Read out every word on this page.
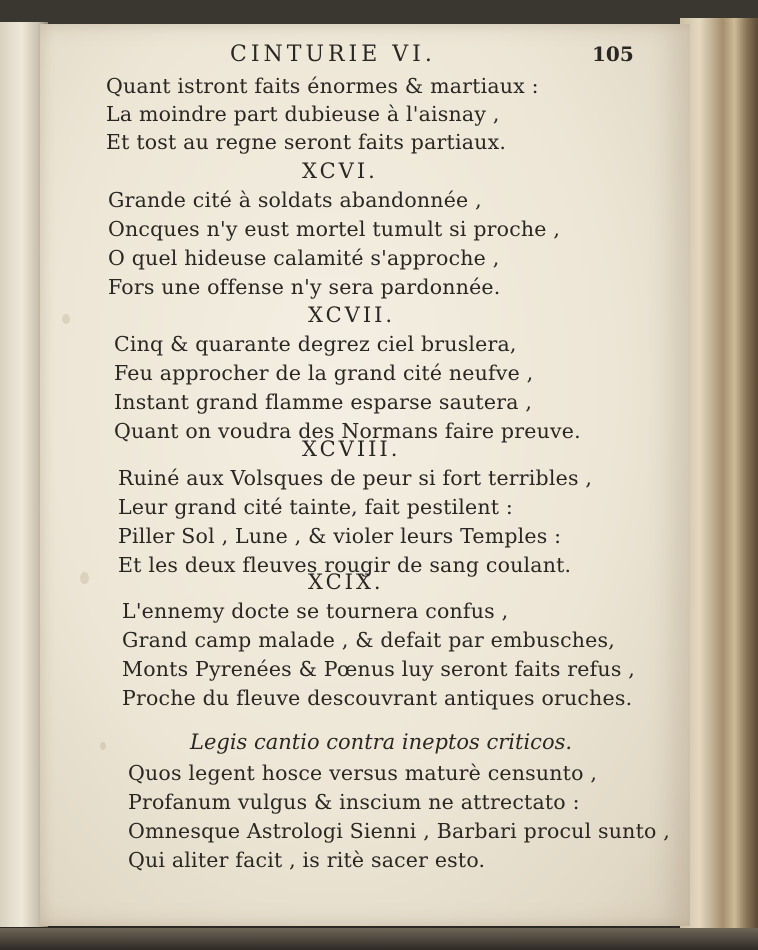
CINTURIE VI.	105
Quant istront faits énormes & martiaux :
La moindre part dubieuse à l'aisnay ,
Et tost au regne seront faits partiaux.
XCVI.
Grande cité à soldats abandonnée ,
Oncques n'y eust mortel tumult si proche ,
O quel hideuse calamité s'approche ,
Fors une offense n'y sera pardonnée.
XCVII.
Cinq & quarante degrez ciel bruslera,
Feu approcher de la grand cité neufve ,
Instant grand flamme esparse sautera ,
Quant on voudra des Normans faire preuve.
XCVIII.
Ruiné aux Volsques de peur si fort terribles ,
Leur grand cité tainte, fait pestilent :
Piller Sol , Lune , & violer leurs Temples :
Et les deux fleuves rougir de sang coulant.
XCIX.
L'ennemy docte se tournera confus ,
Grand camp malade , & defait par embusches,
Monts Pyrenées & Pœnus luy seront faits refus ,
Proche du fleuve descouvrant antiques oruches.
Legis cantio contra ineptos criticos.
Quos legent hosce versus maturè censunto ,
Profanum vulgus & inscium ne attrectato :
Omnesque Astrologi Sienni , Barbari procul sunto ,
Qui aliter facit , is ritè sacer esto.
